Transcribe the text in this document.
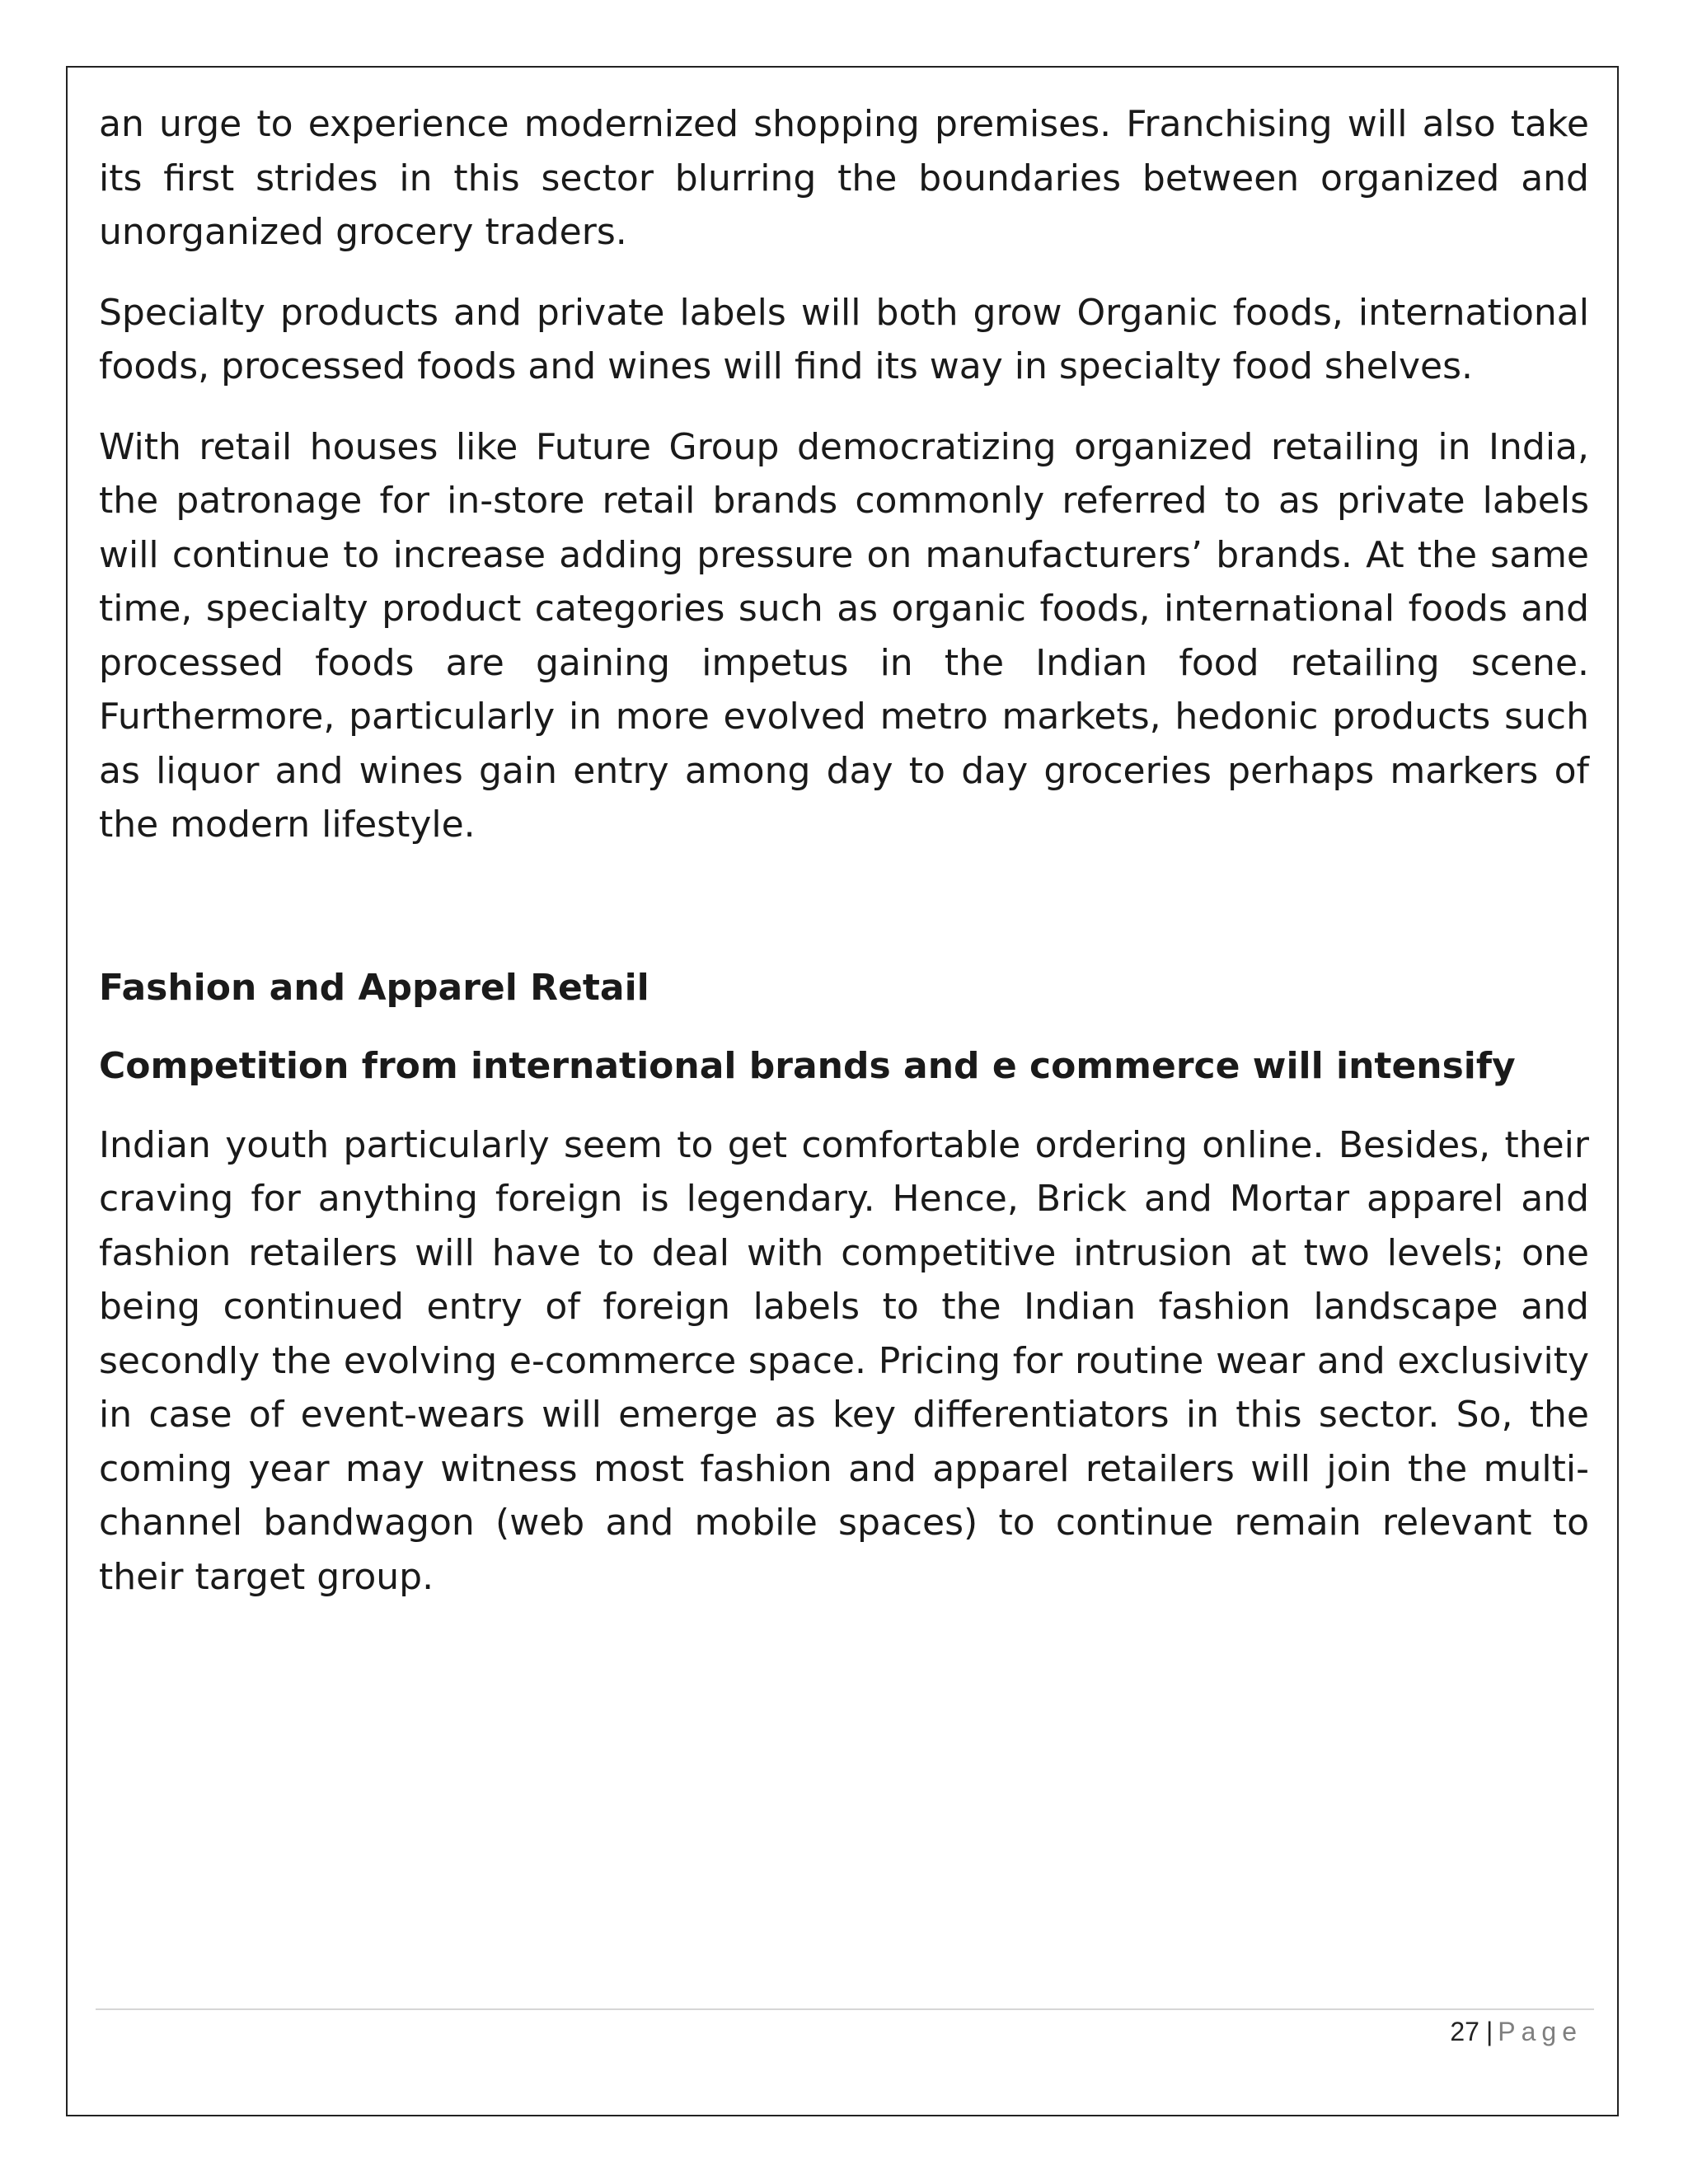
an urge to experience modernized shopping premises. Franchising will also take its first strides in this sector blurring the boundaries between organized and unorganized grocery traders.

Specialty products and private labels will both grow Organic foods, international foods, processed foods and wines will find its way in specialty food shelves.

With retail houses like Future Group democratizing organized retailing in India, the patronage for in-store retail brands commonly referred to as private labels will continue to increase adding pressure on manufacturers’ brands. At the same time, specialty product categories such as organic foods, international foods and processed foods are gaining impetus in the Indian food retailing scene. Furthermore, particularly in more evolved metro markets, hedonic products such as liquor and wines gain entry among day to day groceries perhaps markers of the modern lifestyle.

Fashion and Apparel Retail

Competition from international brands and e commerce will intensify

Indian youth particularly seem to get comfortable ordering online. Besides, their craving for anything foreign is legendary. Hence, Brick and Mortar apparel and fashion retailers will have to deal with competitive intrusion at two levels; one being continued entry of foreign labels to the Indian fashion landscape and secondly the evolving e-commerce space. Pricing for routine wear and exclusivity in case of event-wears will emerge as key differentiators in this sector. So, the coming year may witness most fashion and apparel retailers will join the multi-channel bandwagon (web and mobile spaces) to continue remain relevant to their target group.

27 | Page
